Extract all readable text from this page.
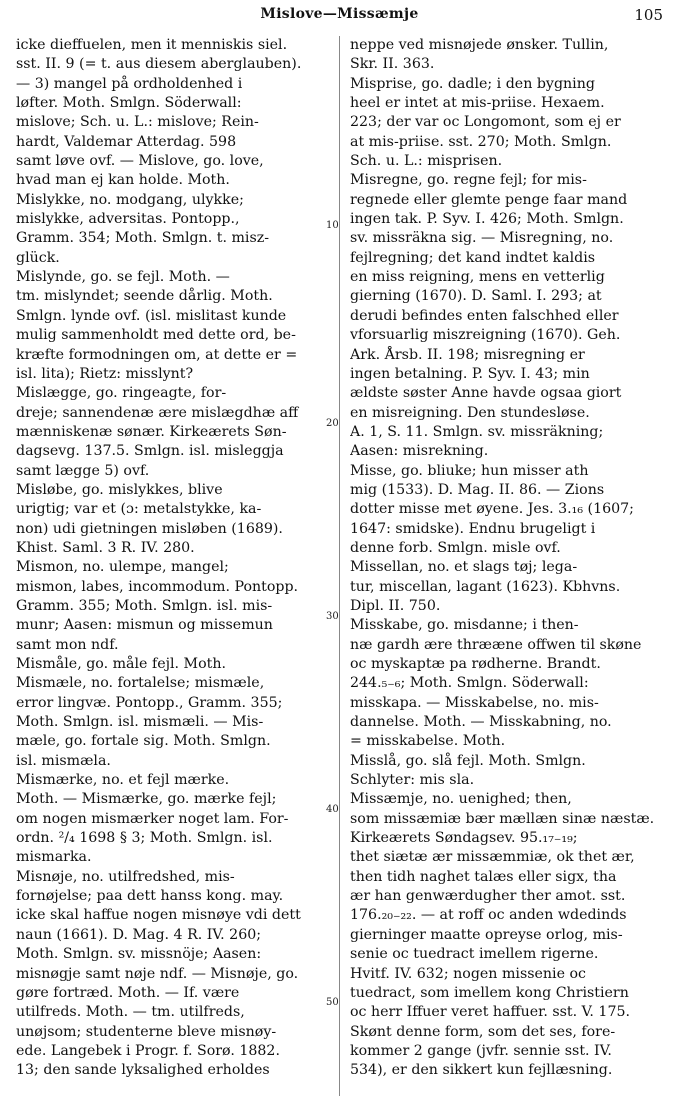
Mislove—Missæmje	105
icke dieffuelen, men it menniskis siel.
sst. II. 9 (= t. aus diesem aberglauben).
— 3) mangel på ordholdenhed i
løfter. Moth. Smlgn. Söderwall:
mislove; Sch. u. L.: mislove; Rein-
hardt, Valdemar Atterdag. 598
samt løve ovf. — Mislove, go. love,
hvad man ej kan holde. Moth.
Mislykke, no. modgang, ulykke;
mislykke, adversitas. Pontopp.,
Gramm. 354; Moth. Smlgn. t. misz-
glück.
Mislynde, go. se fejl. Moth. —
tm. mislyndet; seende dårlig. Moth.
Smlgn. lynde ovf. (isl. mislitast kunde
mulig sammenholdt med dette ord, be-
kræfte formodningen om, at dette er =
isl. lita); Rietz: misslynt?
Mislægge, go. ringeagte, for-
dreje; sannendenæ ære mislægdhæ aff
mænniskenæ sønær. Kirkeærets Søn-
dagsevg. 137.5. Smlgn. isl. misleggja
samt lægge 5) ovf.
Misløbe, go. mislykkes, blive
urigtig; var et (ɔ: metalstykke, ka-
non) udi gietningen misløben (1689).
Khist. Saml. 3 R. IV. 280.
Mismon, no. ulempe, mangel;
mismon, labes, incommodum. Pontopp.
Gramm. 355; Moth. Smlgn. isl. mis-
munr; Aasen: mismun og missemun
samt mon ndf.
Mismåle, go. måle fejl. Moth.
Mismæle, no. fortalelse; mismæle,
error lingvæ. Pontopp., Gramm. 355;
Moth. Smlgn. isl. mismæli. — Mis-
mæle, go. fortale sig. Moth. Smlgn.
isl. mismæla.
Mismærke, no. et fejl mærke.
Moth. — Mismærke, go. mærke fejl;
om nogen mismærker noget lam. For-
ordn. ²/₄ 1698 § 3; Moth. Smlgn. isl.
mismarka.
Misnøje, no. utilfredshed, mis-
fornøjelse; paa dett hanss kong. may.
icke skal haffue nogen misnøye vdi dett
naun (1661). D. Mag. 4 R. IV. 260;
Moth. Smlgn. sv. missnöje; Aasen:
misnøgje samt nøje ndf. — Misnøje, go.
gøre fortræd. Moth. — If. være
utilfreds. Moth. — tm. utilfreds,
unøjsom; studenterne bleve misnøy-
ede. Langebek i Progr. f. Sorø. 1882.
13; den sande lyksalighed erholdes
neppe ved misnøjede ønsker. Tullin,
Skr. II. 363.
Misprise, go. dadle; i den bygning
heel er intet at mis-priise. Hexaem.
223; der var oc Longomont, som ej er
at mis-priise. sst. 270; Moth. Smlgn.
Sch. u. L.: misprisen.
Misregne, go. regne fejl; for mis-
regnede eller glemte penge faar mand
ingen tak. P. Syv. I. 426; Moth. Smlgn.
sv. missräkna sig. — Misregning, no.
fejlregning; det kand indtet kaldis
en miss reigning, mens en vetterlig
gierning (1670). D. Saml. I. 293; at
derudi befindes enten falschhed eller
vforsuarlig miszreigning (1670). Geh.
Ark. Årsb. II. 198; misregning er
ingen betalning. P. Syv. I. 43; min
ældste søster Anne havde ogsaa giort
en misreigning. Den stundesløse.
A. 1, S. 11. Smlgn. sv. missräkning;
Aasen: misrekning.
Misse, go. bliuke; hun misser ath
mig (1533). D. Mag. II. 86. — Zions
dotter misse met øyene. Jes. 3.₁₆ (1607;
1647: smidske). Endnu brugeligt i
denne forb. Smlgn. misle ovf.
Missellan, no. et slags tøj; lega-
tur, miscellan, lagant (1623). Kbhvns.
Dipl. II. 750.
Misskabe, go. misdanne; i then-
næ gardh ære thrææne offwen til skøne
oc myskaptæ pa rødherne. Brandt.
244.₅₋₆; Moth. Smlgn. Söderwall:
misskapa. — Misskabelse, no. mis-
dannelse. Moth. — Misskabning, no.
= misskabelse. Moth.
Misslå, go. slå fejl. Moth. Smlgn.
Schlyter: mis sla.
Missæmje, no. uenighed; then,
som missæmiæ bær mællæn sinæ næstæ.
Kirkeærets Søndagsev. 95.₁₇₋₁₉;
thet siætæ ær missæmmiæ, ok thet ær,
then tidh naghet talæs eller sigx, tha
ær han genwærdugher ther amot. sst.
176.₂₀₋₂₂. — at roff oc anden wdedinds
gierninger maatte opreyse orlog, mis-
senie oc tuedract imellem rigerne.
Hvitf. IV. 632; nogen missenie oc
tuedract, som imellem kong Christiern
oc herr Iffuer veret haffuer. sst. V. 175.
Skønt denne form, som det ses, fore-
kommer 2 gange (jvfr. sennie sst. IV.
534), er den sikkert kun fejllæsning.
10
20
30
40
50
